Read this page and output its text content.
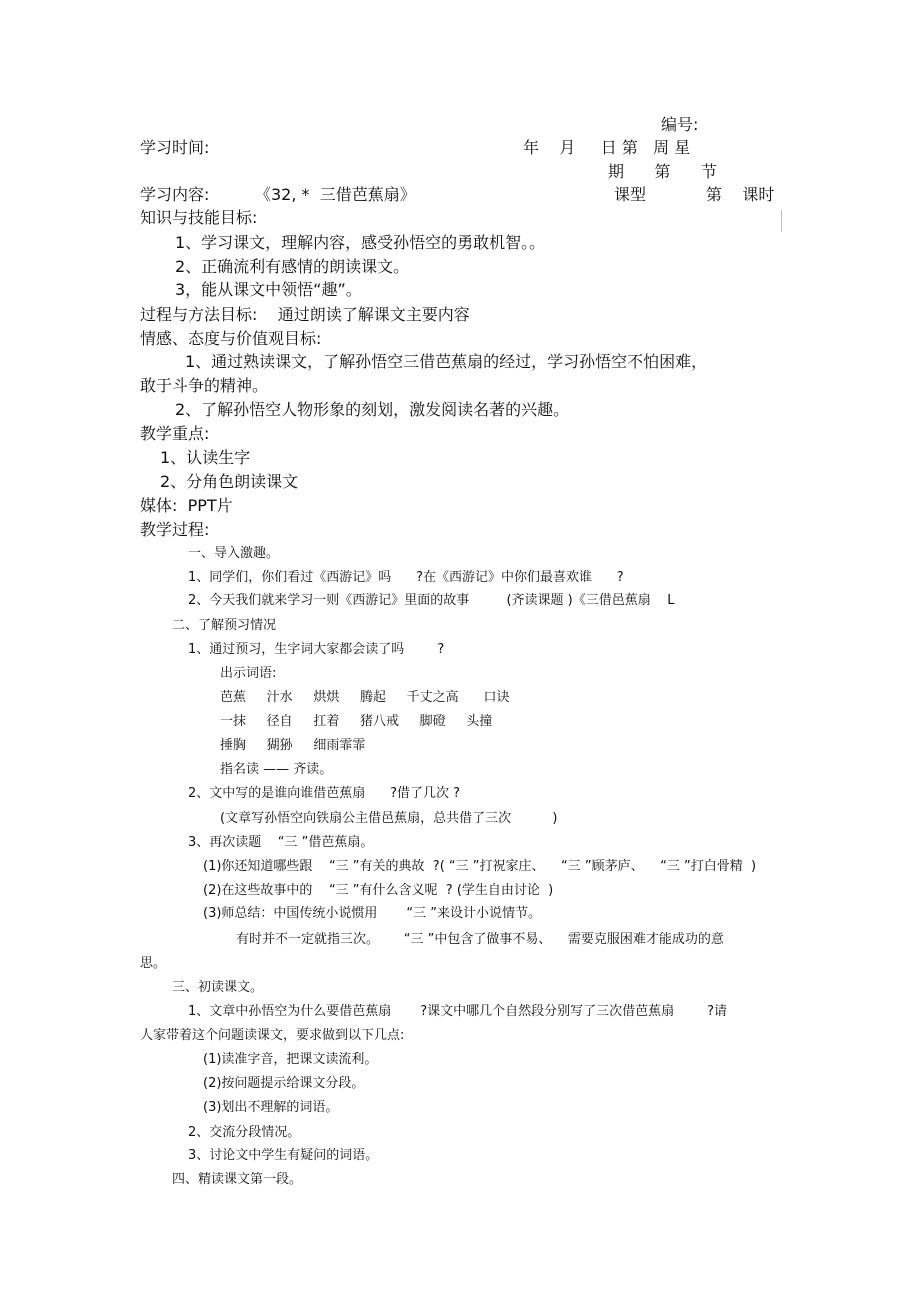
编号:
学习时间:	年    月     日 第   周 星
期      第      节
学习内容:	《32, *  三借芭蕉扇》	课型	第    课时
知识与技能目标:
1、学习课文，理解内容，感受孙悟空的勇敢机智。。
2、正确流利有感情的朗读课文。
3，能从课文中领悟“趣”。
过程与方法目标:    通过朗读了解课文主要内容
情感、态度与价值观目标:
1、通过熟读课文，了解孙悟空三借芭蕉扇的经过，学习孙悟空不怕困难，
敢于斗争的精神。
2、了解孙悟空人物形象的刻划，激发阅读名著的兴趣。
教学重点:
1、认读生字
2、分角色朗读课文
媒体:  PPT片
教学过程:
一、导入激趣。
1、同学们，你们看过《西游记》吗      ?在《西游记》中你们最喜欢谁      ?
2、今天我们就来学习一则《西游记》里面的故事         (齐读课题 )《三借邑蕉扇    L
二、了解预习情况
1、通过预习，生字词大家都会读了吗        ?
出示词语:
芭蕉     汁水     烘烘     腾起     千丈之高      口诀
一抹     径自     扛着     猪八戒     脚磴     头撞
捶胸     猢狲     细雨霏霏
指名读 —— 齐读。
2、文中写的是谁向谁借芭蕉扇      ?借了几次 ?
(文章写孙悟空向铁扇公主借邑蕉扇，总共借了三次          )
3、再次读题    “三 ”借芭蕉扇。
(1)你还知道哪些跟    “三 ”有关的典故  ?( “三 ”打祝家庄、    “三 ”顾茅庐、    “三 ”打白骨精  )
(2)在这些故事中的    “三 ”有什么含义呢  ? (学生自由讨论  )
(3)师总结：中国传统小说惯用       “三 ”来设计小说情节。
有时并不一定就指三次。      “三 ”中包含了做事不易、    需要克服困难才能成功的意
思。
三、初读课文。
1、文章中孙悟空为什么要借芭蕉扇       ?课文中哪几个自然段分别写了三次借芭蕉扇        ?请
人家带着这个问题读课文，要求做到以下几点:
(1)读准字音，把课文读流利。
(2)按问题提示给课文分段。
(3)划出不理解的词语。
2、交流分段情况。
3、讨论文中学生有疑问的词语。
四、精读课文第一段。
